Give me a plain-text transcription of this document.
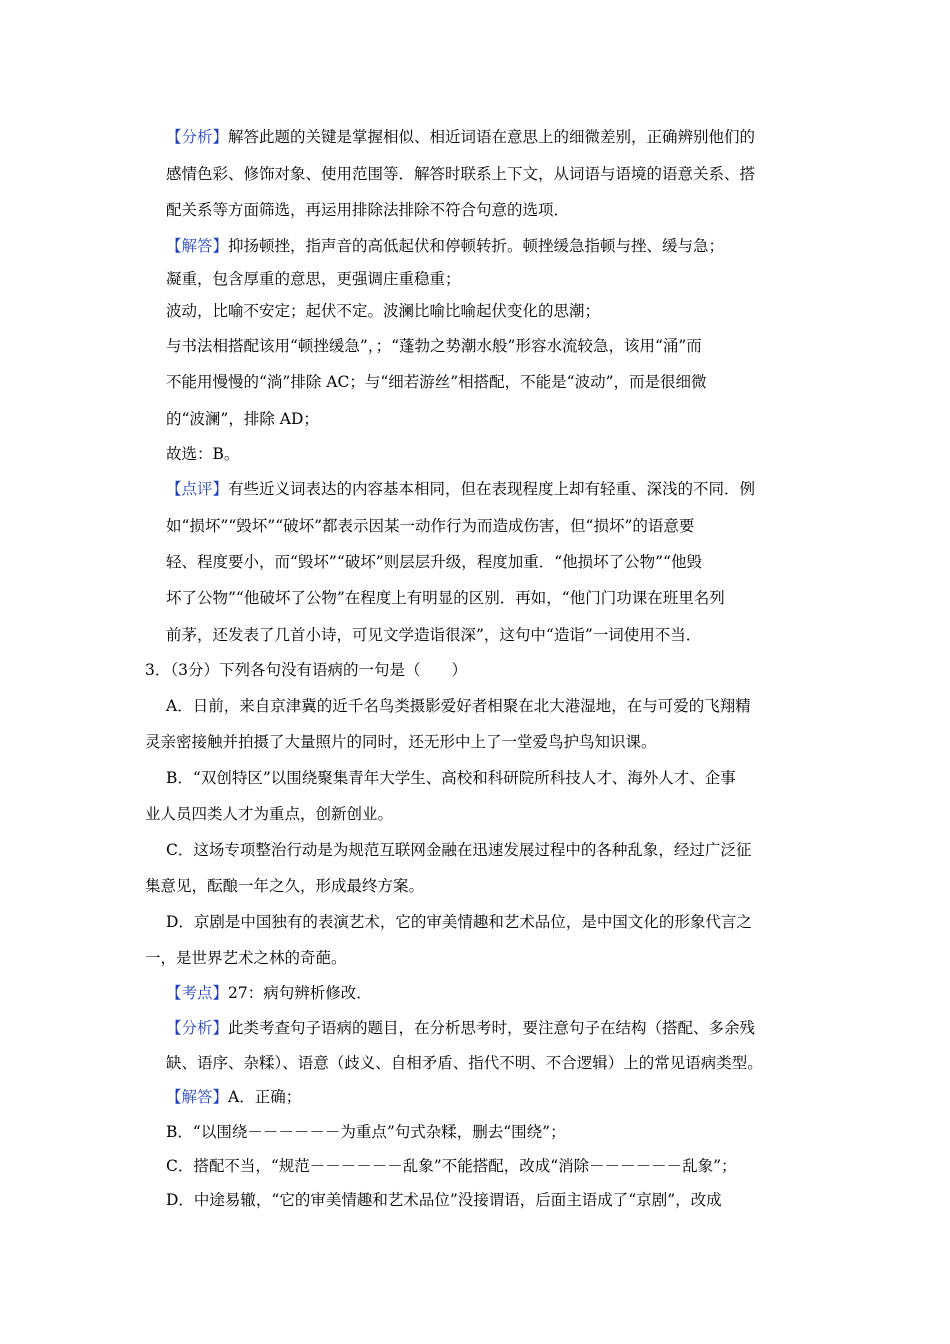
【分析】解答此题的关键是掌握相似、相近词语在意思上的细微差别，正确辨别他们的
感情色彩、修饰对象、使用范围等．解答时联系上下文，从词语与语境的语意关系、搭
配关系等方面筛选，再运用排除法排除不符合句意的选项．
【解答】抑扬顿挫，指声音的高低起伏和停顿转折。顿挫缓急指顿与挫、缓与急；
凝重，包含厚重的意思，更强调庄重稳重；
波动，比喻不安定；起伏不定。波澜比喻比喻起伏变化的思潮；
与书法相搭配该用“顿挫缓急”，；“蓬勃之势潮水般”形容水流较急，该用“涌”而
不能用慢慢的“淌”排除 AC；与“细若游丝”相搭配，不能是“波动”，而是很细微
的“波澜”，排除 AD；
故选：B。
【点评】有些近义词表达的内容基本相同，但在表现程度上却有轻重、深浅的不同．例
如“损坏”“毁坏”“破坏”都表示因某一动作行为而造成伤害，但“损坏”的语意要
轻、程度要小，而“毁坏”“破坏”则层层升级，程度加重．“他损坏了公物”“他毁
坏了公物”“他破坏了公物”在程度上有明显的区别．再如，“他门门功课在班里名列
前茅，还发表了几首小诗，可见文学造诣很深”，这句中“造诣”一词使用不当．
3．（3分）下列各句没有语病的一句是（　　）
A．日前，来自京津冀的近千名鸟类摄影爱好者相聚在北大港湿地，在与可爱的飞翔精
灵亲密接触并拍摄了大量照片的同时，还无形中上了一堂爱鸟护鸟知识课。
B．“双创特区”以围绕聚集青年大学生、高校和科研院所科技人才、海外人才、企事
业人员四类人才为重点，创新创业。
C．这场专项整治行动是为规范互联网金融在迅速发展过程中的各种乱象，经过广泛征
集意见，酝酿一年之久，形成最终方案。
D．京剧是中国独有的表演艺术，它的审美情趣和艺术品位，是中国文化的形象代言之
一，是世界艺术之林的奇葩。
【考点】27：病句辨析修改．
【分析】此类考查句子语病的题目，在分析思考时，要注意句子在结构（搭配、多余残
缺、语序、杂糅）、语意（歧义、自相矛盾、指代不明、不合逻辑）上的常见语病类型。
【解答】A．正确；
B．“以围绕－－－－－－为重点”句式杂糅，删去“围绕”；
C．搭配不当，“规范－－－－－－乱象”不能搭配，改成“消除－－－－－－乱象”；
D．中途易辙，“它的审美情趣和艺术品位”没接谓语，后面主语成了“京剧”，改成
